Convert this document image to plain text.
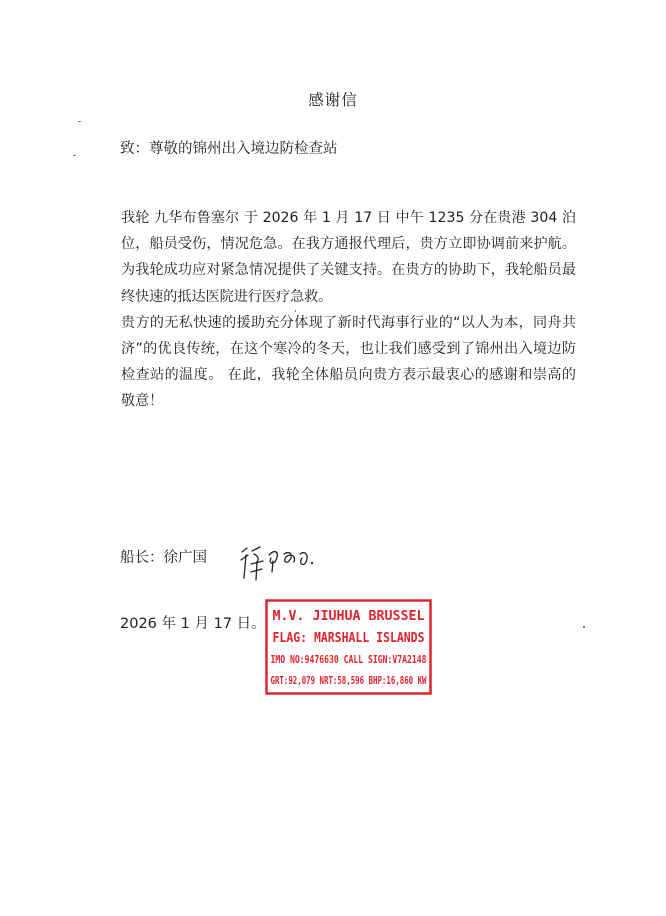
感谢信
致：尊敬的锦州出入境边防检查站

我轮 九华布鲁塞尔 于 2026 年 1 月 17 日 中午 1235 分在贵港 304 泊位，船员受伤，情况危急。在我方通报代理后，贵方立即协调前来护航。为我轮成功应对紧急情况提供了关键支持。在贵方的协助下，我轮船员最终快速的抵达医院进行医疗急救。

贵方的无私快速的援助充分体现了新时代海事行业的“以人为本，同舟共济”的优良传统，在这个寒冷的冬天，也让我们感受到了锦州出入境边防检查站的温度。 在此，我轮全体船员向贵方表示最衷心的感谢和崇高的敬意！

船长：徐广国
2026 年 1 月 17 日。 M.V. JIUHUA BRUSSEL
FLAG: MARSHALL ISLANDS
IMO NO:9476630 CALL SIGN:V7A2148
GRT:92,079 NRT:58,596 BHP:16,860 KW
